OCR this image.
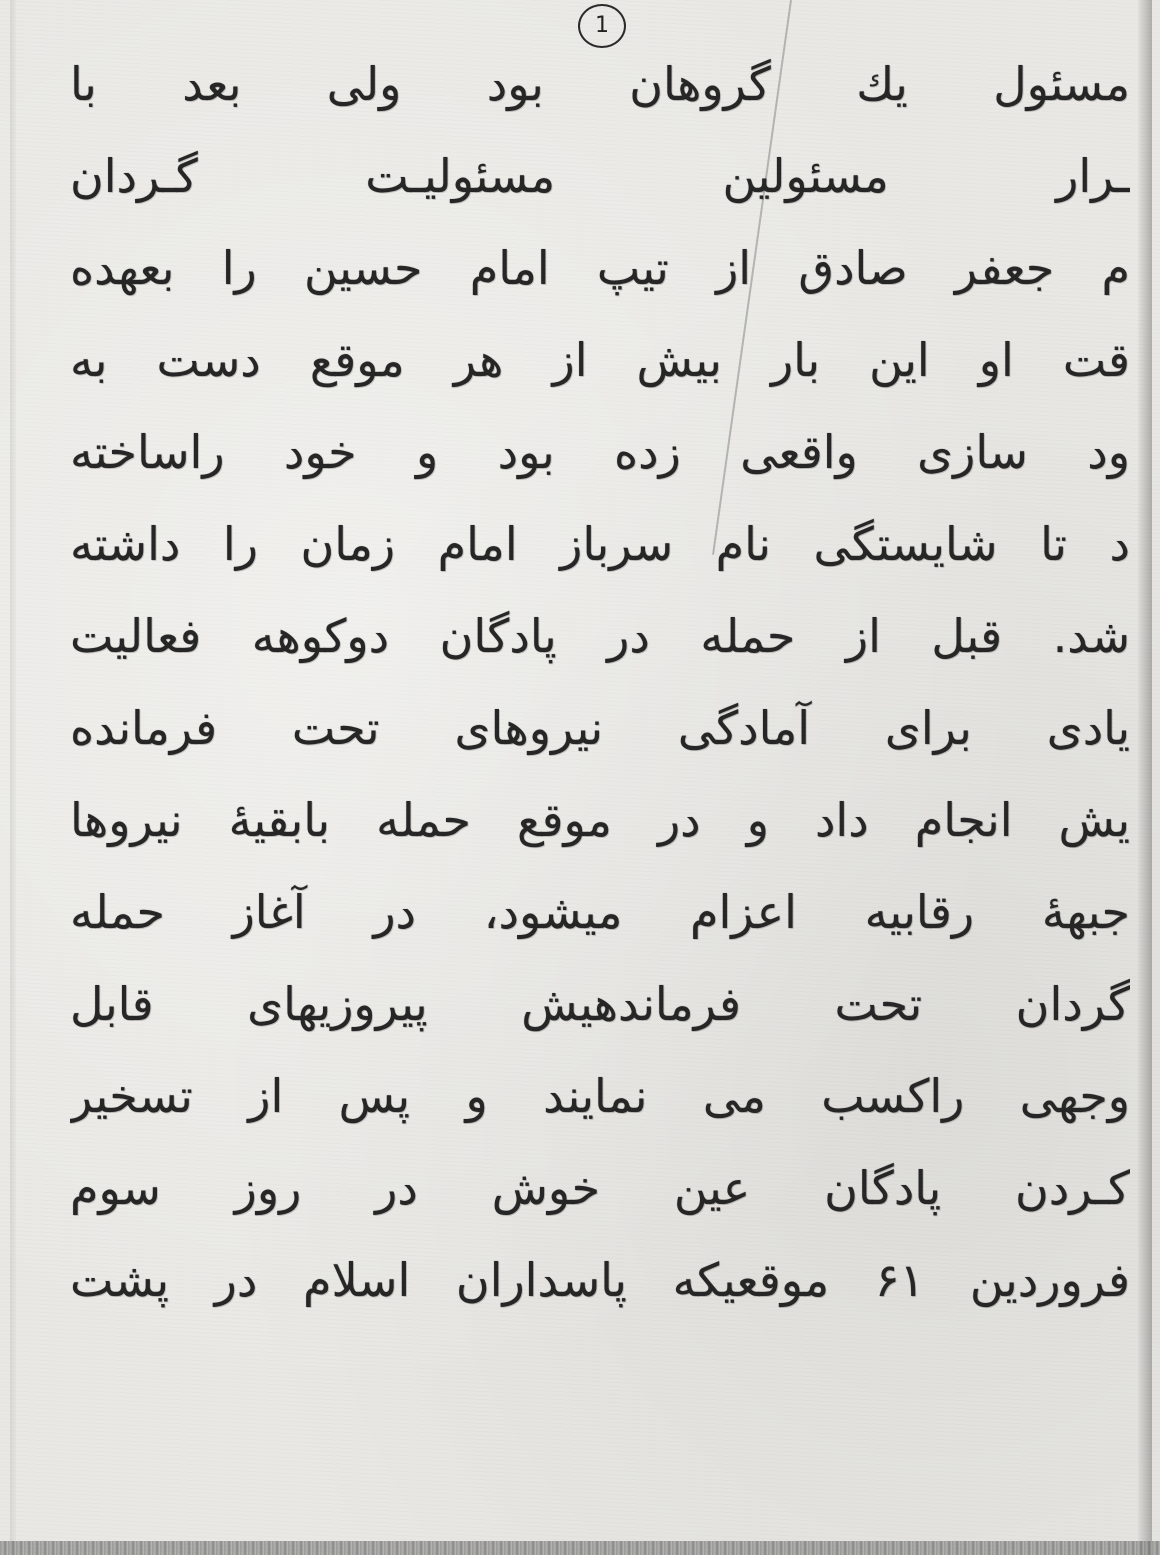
1
مسئول یك گروهان بود ولی بعد با
ـرار مسئولین مسئولیـت گـردان
م جعفر صادق از تیپ امام حسین را بعهده
قت او این بار بیش از هر موقع دست به
ود سازی واقعی زده بود و خود راساخته
د تا شایستگی نام سرباز امام زمان را داشته
شد. قبل از حمله در پادگان دوکوهه فعالیت
یادی برای آمادگی نیروهای تحت فرمانده
یش انجام داد و در موقع حمله بابقیهٔ نیروها
جبههٔ رقابیه اعزام میشود، در آغاز حمله
گردان تحت فرماندهیش پیروزیهای قابل
وجهی راکسب می نمایند و پس از تسخیر
کـردن پادگان عین خوش در روز سوم
فروردین ۶۱ موقعیکه پاسداران اسلام در پشت
